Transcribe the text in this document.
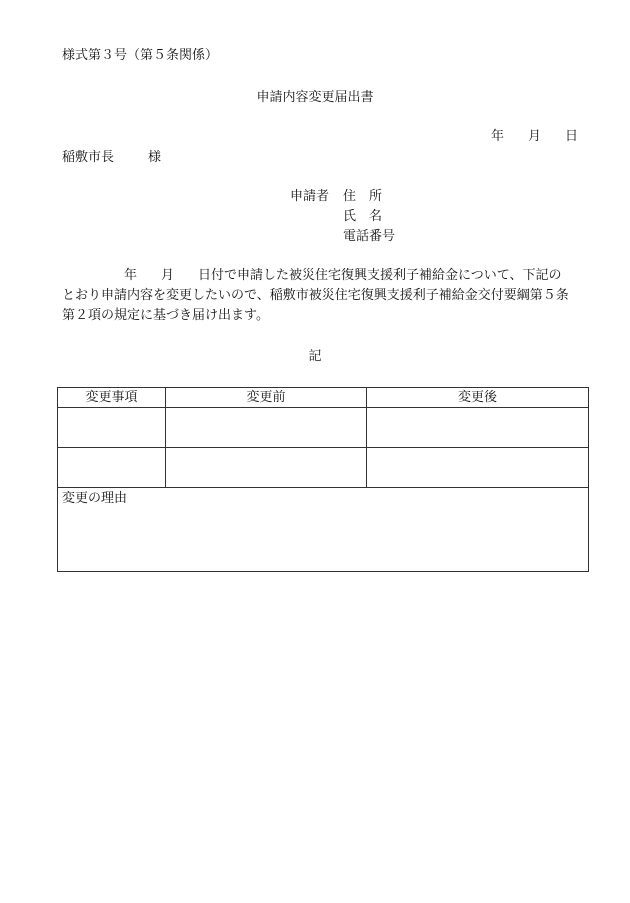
様式第３号（第５条関係）
申請内容変更届出書
年 月 日
稲敷市長	様
申請者 住　所
氏　名
電話番号
年 月 日付で申請した被災住宅復興支援利子補給金について、下記の
とおり申請内容を変更したいので、稲敷市被災住宅復興支援利子補給金交付要綱第５条
第２項の規定に基づき届け出ます。
記
変更事項	変更前	変更後

変更の理由		
